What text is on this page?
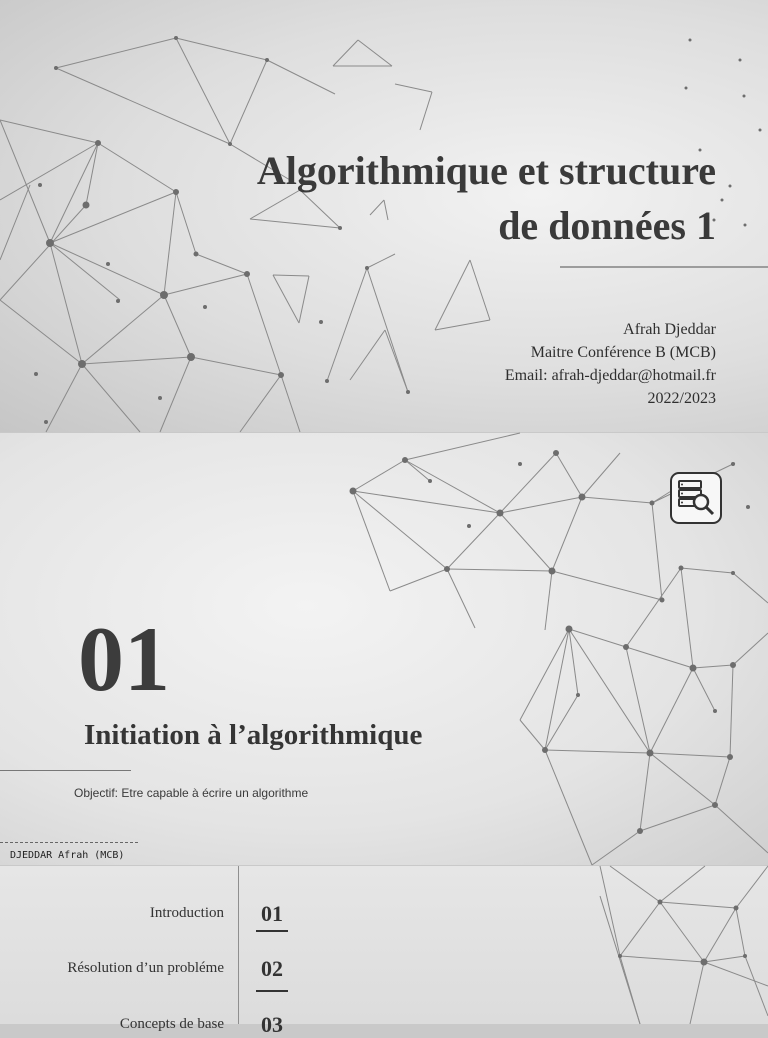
Algorithmique et structure
de données 1
Afrah Djeddar
Maitre Conférence B (MCB)
Email: afrah-djeddar@hotmail.fr
2022/2023
01
Initiation à l’algorithmique
Objectif: Etre capable à écrire un algorithme
DJEDDAR Afrah (MCB)
Introduction 01
Résolution d’un probléme 02
Concepts de base 03
